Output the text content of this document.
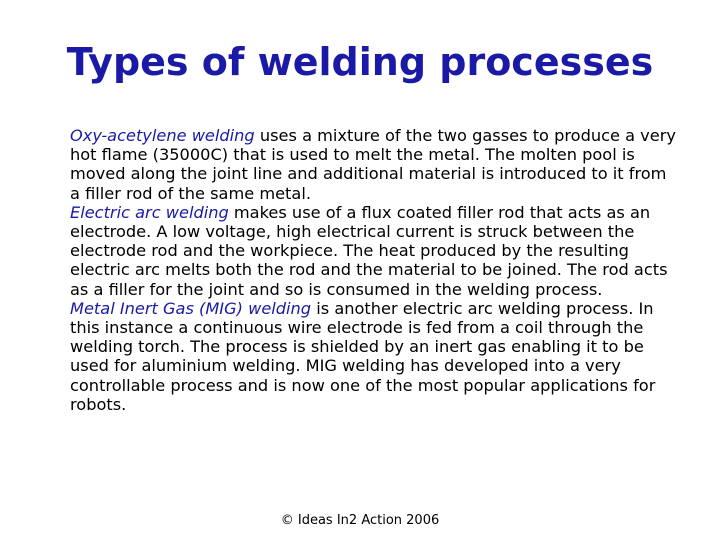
Types of welding processes

Oxy-acetylene welding uses a mixture of the two gasses to produce a very hot flame (35000C) that is used to melt the metal. The molten pool is moved along the joint line and additional material is introduced to it from a filler rod of the same metal.

Electric arc welding makes use of a flux coated filler rod that acts as an electrode. A low voltage, high electrical current is struck between the electrode rod and the workpiece. The heat produced by the resulting electric arc melts both the rod and the material to be joined. The rod acts as a filler for the joint and so is consumed in the welding process.

Metal Inert Gas (MIG) welding is another electric arc welding process. In this instance a continuous wire electrode is fed from a coil through the welding torch. The process is shielded by an inert gas enabling it to be used for aluminium welding. MIG welding has developed into a very controllable process and is now one of the most popular applications for robots.

© Ideas In2 Action 2006
